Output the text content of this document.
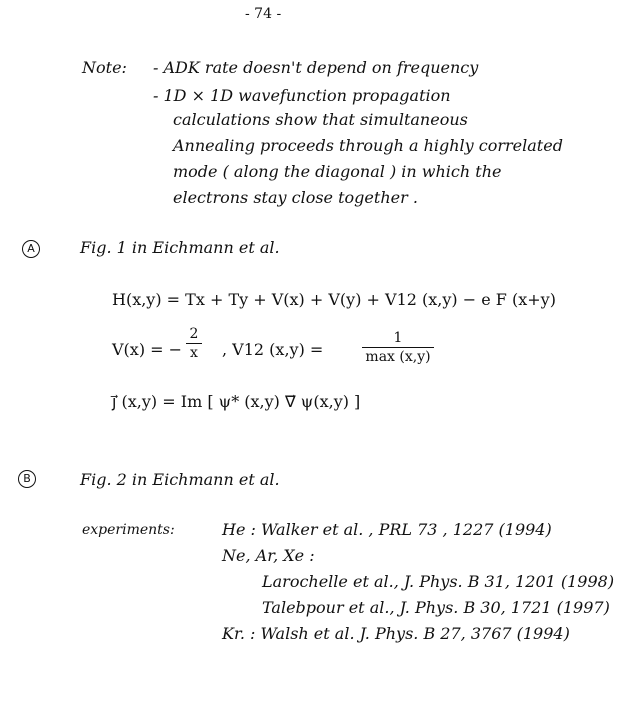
- 74 -
Note: - ADK rate doesn't depend on frequency
- 1D × 1D wavefunction propagation
calculations show that simultaneous
Annealing proceeds through a highly correlated
mode ( along the diagonal ) in which the
electrons stay close together .
A	Fig. 1 in Eichmann et al.
H(x,y) = Tx + Ty + V(x) + V(y) + V12 (x,y) − e F (x+y)
V(x) = −
2
x , V12 (x,y) =
1
max (x,y)
j⃗ (x,y) = Im [ ψ* (x,y) ∇⃗ ψ(x,y) ]
B	Fig. 2 in Eichmann et al.
experiments:	He : Walker et al. , PRL 73 , 1227 (1994)
Ne, Ar, Xe :
Larochelle et al., J. Phys. B 31, 1201 (1998)
Talebpour et al., J. Phys. B 30, 1721 (1997)
Kr. : Walsh et al. J. Phys. B 27, 3767 (1994)
